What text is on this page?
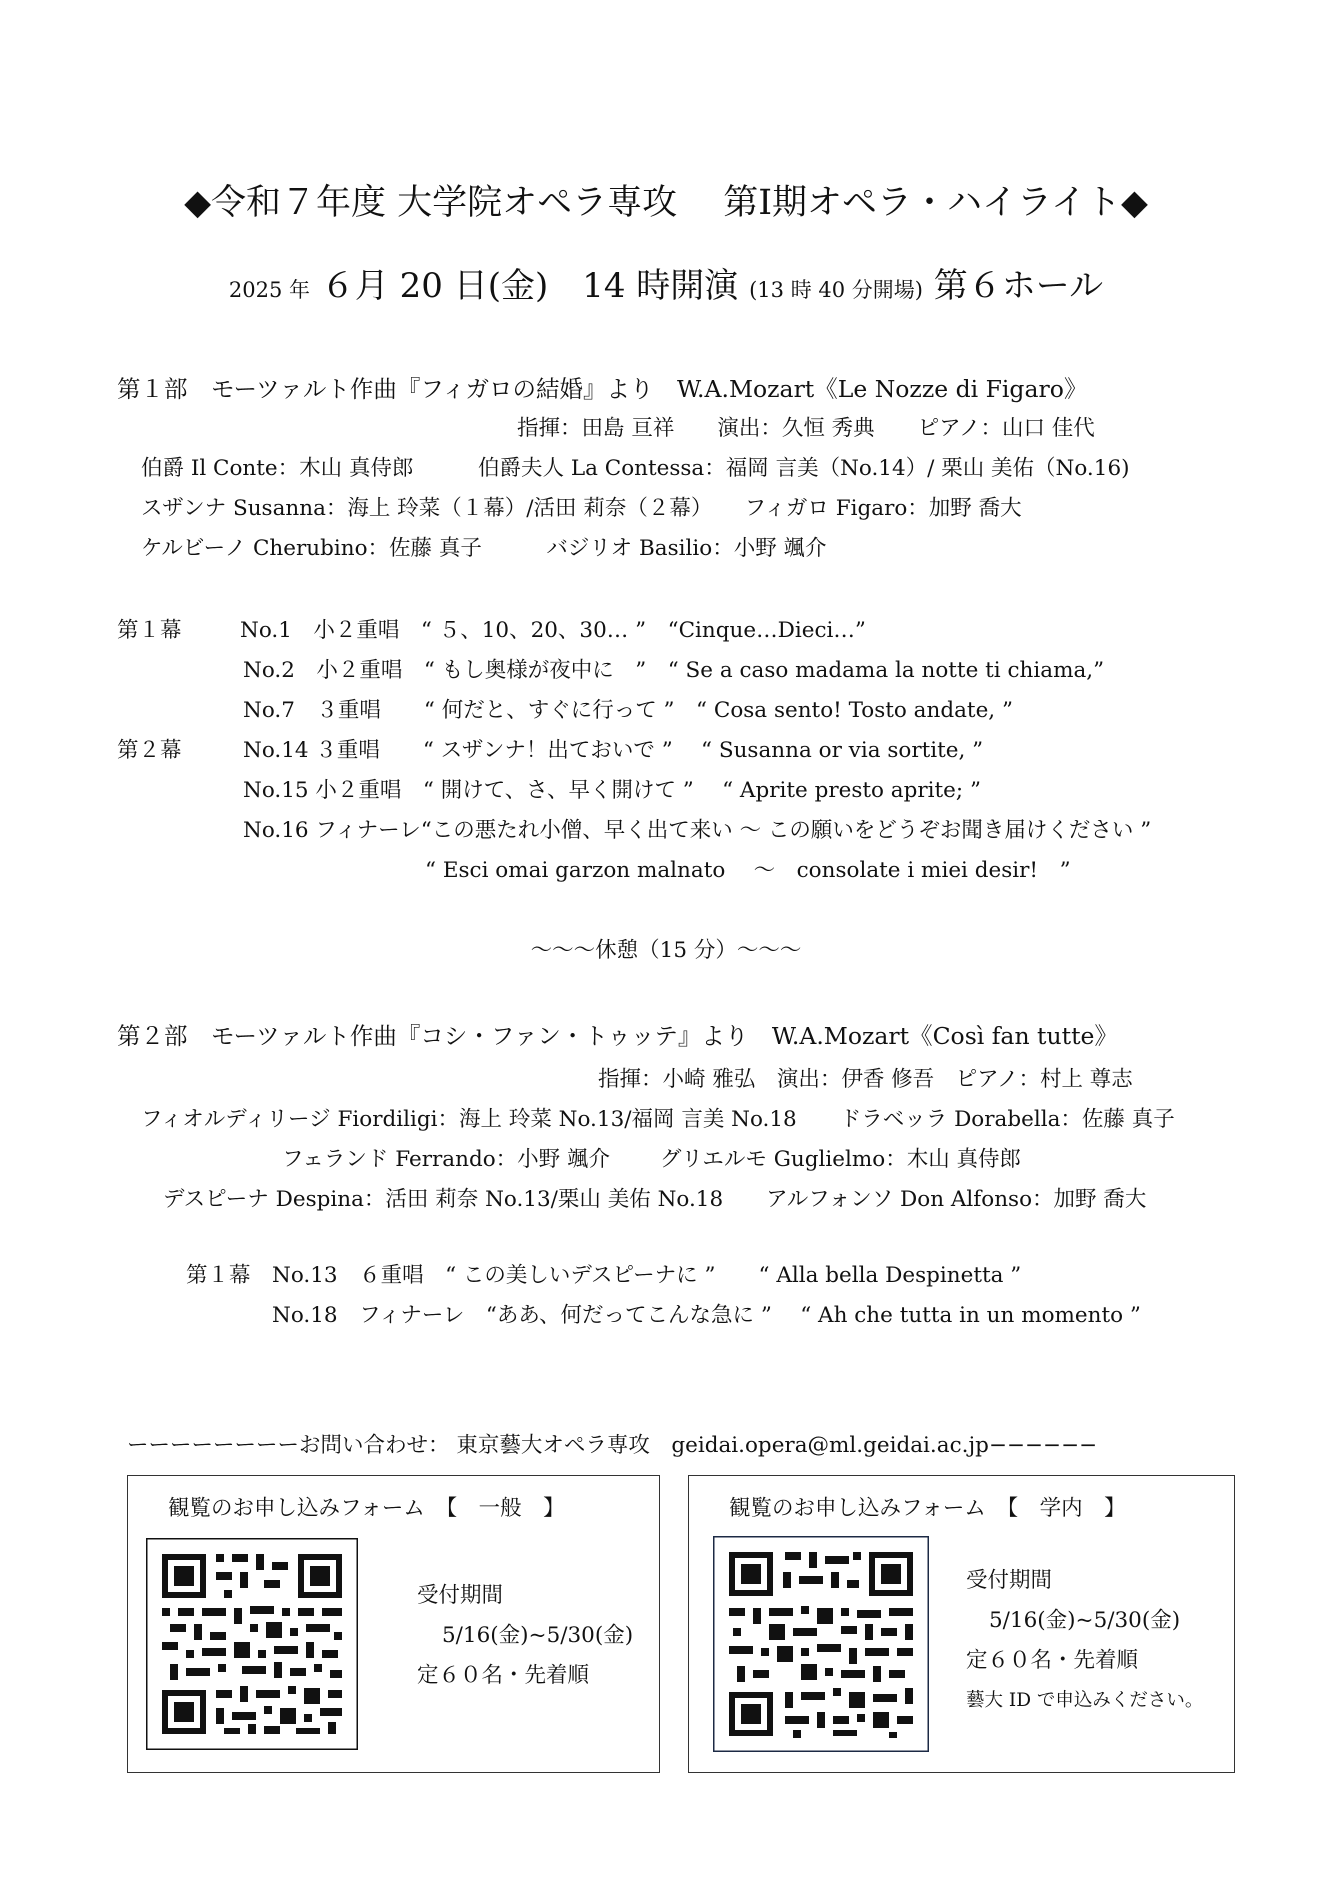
◆令和７年度 大学院オペラ専攻　 第Ⅰ期オペラ・ハイライト◆
2025 年 ６月 20 日(金)　14 時開演 (13 時 40 分開場) 第６ホール
第１部　モーツァルト作曲『フィガロの結婚』より　W.A.Mozart《Le Nozze di Figaro》
指揮：田島 亘祥　　演出：久恒 秀典　　ピアノ：山口 佳代
伯爵 Il Conte：木山 真侍郎　　　伯爵夫人 La Contessa：福岡 言美（No.14）/ 栗山 美佑（No.16)
スザンナ Susanna：海上 玲菜（１幕）/活田 莉奈（２幕）　　フィガロ Figaro：加野 喬大
ケルビーノ Cherubino：佐藤 真子　　　バジリオ Basilio：小野 颯介
第１幕	No.1　小２重唱　“ ５、10、20、30… ”　“Cinque…Dieci…”
No.2　小２重唱　“ もし奥様が夜中に　”　“ Se a caso madama la notte ti chiama,”
No.7　３重唱　　“ 何だと、すぐに行って ”　“ Cosa sento! Tosto andate, ”
第２幕	No.14 ３重唱　　“ スザンナ！出ておいで ”　 “ Susanna or via sortite, ”
No.15 小２重唱　“ 開けて、さ、早く開けて ”　 “ Aprite presto aprite; ”
No.16 フィナーレ“この悪たれ小僧、早く出て来い 〜 この願いをどうぞお聞き届けください ”
“ Esci omai garzon malnato　 〜　consolate i miei desir!　”
〜〜〜休憩（15 分）〜〜〜
第２部　モーツァルト作曲『コシ・ファン・トゥッテ』より　W.A.Mozart《Così fan tutte》
指揮：小崎 雅弘　演出：伊香 修吾　ピアノ：村上 尊志
フィオルディリージ Fiordiligi：海上 玲菜 No.13/福岡 言美 No.18　　ドラベッラ Dorabella：佐藤 真子
フェランド Ferrando：小野 颯介　　 グリエルモ Guglielmo：木山 真侍郎
デスピーナ Despina：活田 莉奈 No.13/栗山 美佑 No.18　　アルフォンソ Don Alfonso：加野 喬大
第１幕　No.13　６重唱　“ この美しいデスピーナに ”　　“ Alla bella Despinetta ”
No.18　フィナーレ　“ああ、何だってこんな急に ”　 “ Ah che tutta in un momento ”
ーーーーーーーーお問い合わせ： 東京藝大オペラ専攻　geidai.opera@ml.geidai.ac.jp−−−−−−
観覧のお申し込みフォーム　【　一般　】
受付期間
5/16(金)~5/30(金)
定６０名・先着順
観覧のお申し込みフォーム　【　学内　】
受付期間
5/16(金)~5/30(金)
定６０名・先着順
藝大 ID で申込みください。
